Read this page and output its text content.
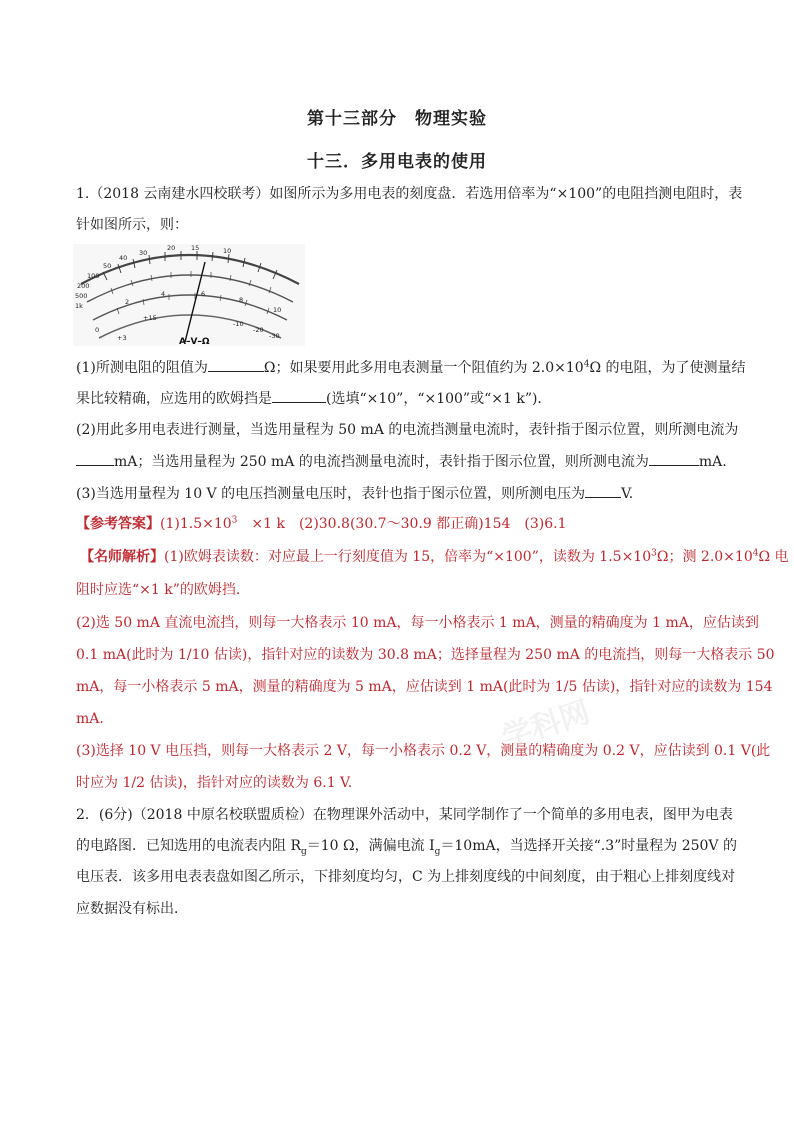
第十三部分　物理实验
十三．多用电表的使用
1.（2018 云南建水四校联考）如图所示为多用电表的刻度盘．若选用倍率为“×100”的电阻挡测电阻时，表
针如图所示，则：
20 15	10
30
40
50
100
200
500
1k
0
2
4	6
8
10
+15
-10
-20
-30
+3	A–V–Ω
(1)所测电阻的阻值为	Ω；如果要用此多用电表测量一个阻值约为 $2.0\times 10^4\Omega$ 的电阻，为了使测量结
果比较精确，应选用的欧姆挡是	(选填“×10”，“×100”或“×1 k”)．
(2)用此多用电表进行测量，当选用量程为 50 mA 的电流挡测量电流时，表针指于图示位置，则所测电流为
mA；当选用量程为 250 mA 的电流挡测量电流时，表针指于图示位置，则所测电流为	mA.
(3)当选用量程为 10 V 的电压挡测量电压时，表针也指于图示位置，则所测电压为	V.
【参考答案】$(1)1.5\times 10^3$　×1 k　(2)30.8(30.7～30.9 都正确)154　(3)6.1
【名师解析】(1)欧姆表读数：对应最上一行刻度值为 15，倍率为“×100”，读数为 $1.5\times 10^3\Omega$；测 $2.0\times 10^4\Omega$ 电
阻时应选“×1 k”的欧姆挡．
(2)选 50 mA 直流电流挡，则每一大格表示 10 mA，每一小格表示 1 mA，测量的精确度为 1 mA，应估读到
0.1 mA(此时为 1/10 估读)，指针对应的读数为 30.8 mA；选择量程为 250 mA 的电流挡，则每一大格表示 50
mA，每一小格表示 5 mA，测量的精确度为 5 mA，应估读到 1 mA(此时为 1/5 估读)，指针对应的读数为 154
mA.
(3)选择 10 V 电压挡，则每一大格表示 2 V，每一小格表示 0.2 V，测量的精确度为 0.2 V，应估读到 0.1 V(此
时应为 1/2 估读)，指针对应的读数为 6.1 V.
2．(6分)（2018 中原名校联盟质检）在物理课外活动中，某同学制作了一个简单的多用电表，图甲为电表
的电路图．已知选用的电流表内阻 $R_g=10$ Ω，满偏电流 $I_g=10mA$，当选择开关接“.3”时量程为 250V 的
电压表．该多用电表表盘如图乙所示，下排刻度均匀，C 为上排刻度线的中间刻度，由于粗心上排刻度线对
应数据没有标出．
学科网
